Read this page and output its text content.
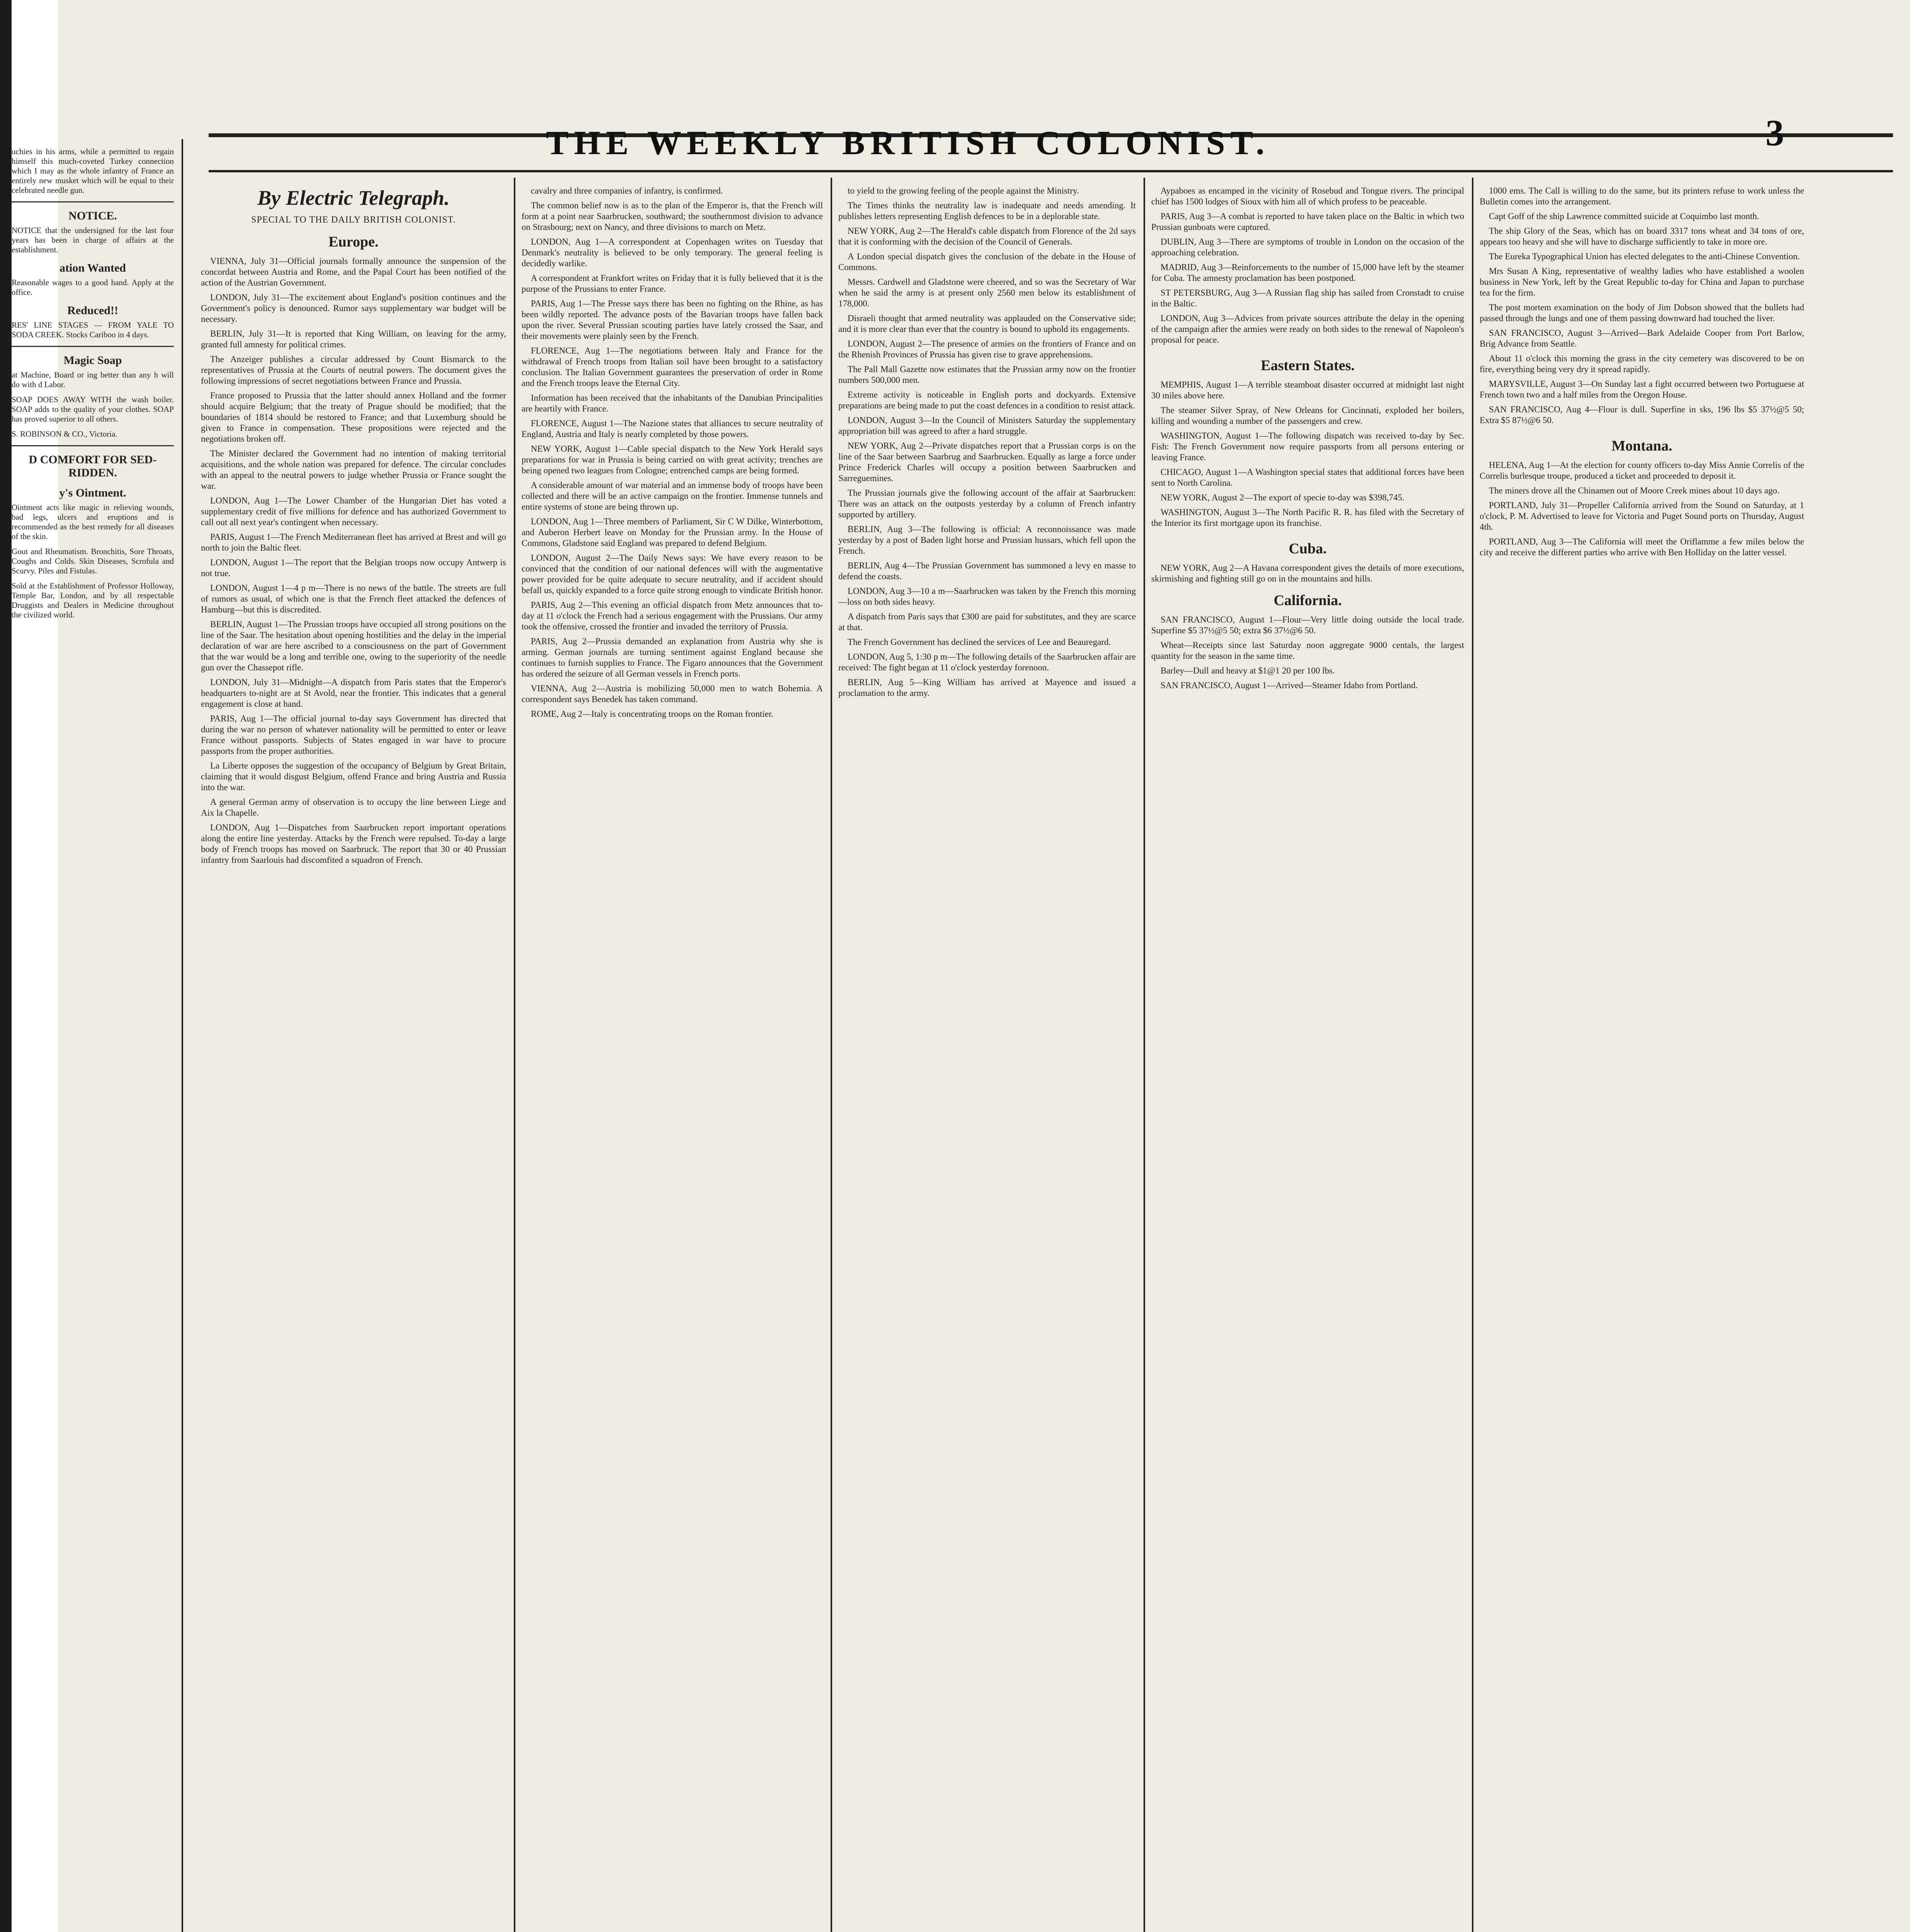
uchies in his arms, while a permitted to regain himself this much-coveted Turkey connection which I may as the whole infantry of France an entirely new musket which will be equal to their celebrated needle gun.

NOTICE.

NOTICE that the undersigned for the last four years has been in charge of affairs at the establishment.

ation Wanted

Reasonable wages to a good hand. Apply at the office.

Reduced!!

RES' LINE STAGES — FROM YALE TO SODA CREEK. Stocks Cariboo in 4 days.

Magic Soap

at Machine, Board or ing better than any h will do with d Labor.

SOAP DOES AWAY WITH the wash boiler. SOAP adds to the quality of your clothes. SOAP has proved superior to all others.

S. ROBINSON & CO., Victoria.

D COMFORT FOR SED-RIDDEN.
y's Ointment.

Ointment acts like magic in relieving wounds, bad legs, ulcers and eruptions and is recommended as the best remedy for all diseases of the skin.

Gout and Rheumatism. Bronchitis, Sore Throats, Coughs and Colds. Skin Diseases, Scrofula and Scurvy. Piles and Fistulas.

Sold at the Establishment of Professor Holloway, Temple Bar, London, and by all respectable Druggists and Dealers in Medicine throughout the civilized world.

THE WEEKLY BRITISH COLONIST.	3

By Electric Telegraph.

SPECIAL TO THE DAILY BRITISH COLONIST.

Europe.

VIENNA, July 31—Official journals formally announce the suspension of the concordat between Austria and Rome, and the Papal Court has been notified of the action of the Austrian Government.

LONDON, July 31—The excitement about England's position continues and the Government's policy is denounced. Rumor says supplementary war budget will be necessary.

BERLIN, July 31—It is reported that King William, on leaving for the army, granted full amnesty for political crimes.

The Anzeiger publishes a circular addressed by Count Bismarck to the representatives of Prussia at the Courts of neutral powers. The document gives the following impressions of secret negotiations between France and Prussia.

France proposed to Prussia that the latter should annex Holland and the former should acquire Belgium; that the treaty of Prague should be modified; that the boundaries of 1814 should be restored to France; and that Luxemburg should be given to France in compensation. These propositions were rejected and the negotiations broken off.

The Minister declared the Government had no intention of making territorial acquisitions, and the whole nation was prepared for defence. The circular concludes with an appeal to the neutral powers to judge whether Prussia or France sought the war.

LONDON, Aug 1—The Lower Chamber of the Hungarian Diet has voted a supplementary credit of five millions for defence and has authorized Government to call out all next year's contingent when necessary.

PARIS, August 1—The French Mediterranean fleet has arrived at Brest and will go north to join the Baltic fleet.

LONDON, August 1—The report that the Belgian troops now occupy Antwerp is not true.

LONDON, August 1—4 p m—There is no news of the battle. The streets are full of rumors as usual, of which one is that the French fleet attacked the defences of Hamburg—but this is discredited.

BERLIN, August 1—The Prussian troops have occupied all strong positions on the line of the Saar. The hesitation about opening hostilities and the delay in the imperial declaration of war are here ascribed to a consciousness on the part of Government that the war would be a long and terrible one, owing to the superiority of the needle gun over the Chassepot rifle.

LONDON, July 31—Midnight—A dispatch from Paris states that the Emperor's headquarters to-night are at St Avold, near the frontier. This indicates that a general engagement is close at hand.

PARIS, Aug 1—The official journal to-day says Government has directed that during the war no person of whatever nationality will be permitted to enter or leave France without passports. Subjects of States engaged in war have to procure passports from the proper authorities.

La Liberte opposes the suggestion of the occupancy of Belgium by Great Britain, claiming that it would disgust Belgium, offend France and bring Austria and Russia into the war.

A general German army of observation is to occupy the line between Liege and Aix la Chapelle.

LONDON, Aug 1—Dispatches from Saarbrucken report important operations along the entire line yesterday. Attacks by the French were repulsed. To-day a large body of French troops has moved on Saarbruck. The report that 30 or 40 Prussian infantry from Saarlouis had discomfited a squadron of French.

cavalry and three companies of infantry, is confirmed.

The common belief now is as to the plan of the Emperor is, that the French will form at a point near Saarbrucken, southward; the southernmost division to advance on Strasbourg; next on Nancy, and three divisions to march on Metz.

LONDON, Aug 1—A correspondent at Copenhagen writes on Tuesday that Denmark's neutrality is believed to be only temporary. The general feeling is decidedly warlike.

A correspondent at Frankfort writes on Friday that it is fully believed that it is the purpose of the Prussians to enter France.

PARIS, Aug 1—The Presse says there has been no fighting on the Rhine, as has been wildly reported. The advance posts of the Bavarian troops have fallen back upon the river. Several Prussian scouting parties have lately crossed the Saar, and their movements were plainly seen by the French.

FLORENCE, Aug 1—The negotiations between Italy and France for the withdrawal of French troops from Italian soil have been brought to a satisfactory conclusion. The Italian Government guarantees the preservation of order in Rome and the French troops leave the Eternal City.

Information has been received that the inhabitants of the Danubian Principalities are heartily with France.

FLORENCE, August 1—The Nazione states that alliances to secure neutrality of England, Austria and Italy is nearly completed by those powers.

NEW YORK, August 1—Cable special dispatch to the New York Herald says preparations for war in Prussia is being carried on with great activity; trenches are being opened two leagues from Cologne; entrenched camps are being formed.

A considerable amount of war material and an immense body of troops have been collected and there will be an active campaign on the frontier. Immense tunnels and entire systems of stone are being thrown up.

LONDON, Aug 1—Three members of Parliament, Sir C W Dilke, Winterbottom, and Auberon Herbert leave on Monday for the Prussian army. In the House of Commons, Gladstone said England was prepared to defend Belgium.

LONDON, August 2—The Daily News says: We have every reason to be convinced that the condition of our national defences will with the augmentative power provided for be quite adequate to secure neutrality, and if accident should befall us, quickly expanded to a force quite strong enough to vindicate British honor.

PARIS, Aug 2—This evening an official dispatch from Metz announces that to-day at 11 o'clock the French had a serious engagement with the Prussians. Our army took the offensive, crossed the frontier and invaded the territory of Prussia.

PARIS, Aug 2—Prussia demanded an explanation from Austria why she is arming. German journals are turning sentiment against England because she continues to furnish supplies to France. The Figaro announces that the Government has ordered the seizure of all German vessels in French ports.

VIENNA, Aug 2—Austria is mobilizing 50,000 men to watch Bohemia. A correspondent says Benedek has taken command.

ROME, Aug 2—Italy is concentrating troops on the Roman frontier.

to yield to the growing feeling of the people against the Ministry.

The Times thinks the neutrality law is inadequate and needs amending. It publishes letters representing English defences to be in a deplorable state.

NEW YORK, Aug 2—The Herald's cable dispatch from Florence of the 2d says that it is conforming with the decision of the Council of Generals.

A London special dispatch gives the conclusion of the debate in the House of Commons.

Messrs. Cardwell and Gladstone were cheered, and so was the Secretary of War when he said the army is at present only 2560 men below its establishment of 178,000.

Disraeli thought that armed neutrality was applauded on the Conservative side; and it is more clear than ever that the country is bound to uphold its engagements.

LONDON, August 2—The presence of armies on the frontiers of France and on the Rhenish Provinces of Prussia has given rise to grave apprehensions.

The Pall Mall Gazette now estimates that the Prussian army now on the frontier numbers 500,000 men.

Extreme activity is noticeable in English ports and dockyards. Extensive preparations are being made to put the coast defences in a condition to resist attack.

LONDON, August 3—In the Council of Ministers Saturday the supplementary appropriation bill was agreed to after a hard struggle.

NEW YORK, Aug 2—Private dispatches report that a Prussian corps is on the line of the Saar between Saarbrug and Saarbrucken. Equally as large a force under Prince Frederick Charles will occupy a position between Saarbrucken and Sarreguemines.

The Prussian journals give the following account of the affair at Saarbrucken: There was an attack on the outposts yesterday by a column of French infantry supported by artillery.

BERLIN, Aug 3—The following is official: A reconnoissance was made yesterday by a post of Baden light horse and Prussian hussars, which fell upon the French.

BERLIN, Aug 4—The Prussian Government has summoned a levy en masse to defend the coasts.

LONDON, Aug 3—10 a m—Saarbrucken was taken by the French this morning—loss on both sides heavy.

A dispatch from Paris says that £300 are paid for substitutes, and they are scarce at that.

The French Government has declined the services of Lee and Beauregard.

LONDON, Aug 5, 1:30 p m—The following details of the Saarbrucken affair are received: The fight began at 11 o'clock yesterday forenoon.

BERLIN, Aug 5—King William has arrived at Mayence and issued a proclamation to the army.

Aypaboes as encamped in the vicinity of Rosebud and Tongue rivers. The principal chief has 1500 lodges of Sioux with him all of which profess to be peaceable.

PARIS, Aug 3—A combat is reported to have taken place on the Baltic in which two Prussian gunboats were captured.

DUBLIN, Aug 3—There are symptoms of trouble in London on the occasion of the approaching celebration.

MADRID, Aug 3—Reinforcements to the number of 15,000 have left by the steamer for Cuba. The amnesty proclamation has been postponed.

ST PETERSBURG, Aug 3—A Russian flag ship has sailed from Cronstadt to cruise in the Baltic.

LONDON, Aug 3—Advices from private sources attribute the delay in the opening of the campaign after the armies were ready on both sides to the renewal of Napoleon's proposal for peace.

Eastern States.

MEMPHIS, August 1—A terrible steamboat disaster occurred at midnight last night 30 miles above here.

The steamer Silver Spray, of New Orleans for Cincinnati, exploded her boilers, killing and wounding a number of the passengers and crew.

WASHINGTON, August 1—The following dispatch was received to-day by Sec. Fish: The French Government now require passports from all persons entering or leaving France.

CHICAGO, August 1—A Washington special states that additional forces have been sent to North Carolina.

NEW YORK, August 2—The export of specie to-day was $398,745.

WASHINGTON, August 3—The North Pacific R. R. has filed with the Secretary of the Interior its first mortgage upon its franchise.

Cuba.

NEW YORK, Aug 2—A Havana correspondent gives the details of more executions, skirmishing and fighting still go on in the mountains and hills.

California.

SAN FRANCISCO, August 1—Flour—Very little doing outside the local trade. Superfine $5 37½@5 50; extra $6 37½@6 50.

Wheat—Receipts since last Saturday noon aggregate 9000 centals, the largest quantity for the season in the same time.

Barley—Dull and heavy at $1@1 20 per 100 lbs.

SAN FRANCISCO, August 1—Arrived—Steamer Idaho from Portland.

1000 ems. The Call is willing to do the same, but its printers refuse to work unless the Bulletin comes into the arrangement.

Capt Goff of the ship Lawrence committed suicide at Coquimbo last month.

The ship Glory of the Seas, which has on board 3317 tons wheat and 34 tons of ore, appears too heavy and she will have to discharge sufficiently to take in more ore.

The Eureka Typographical Union has elected delegates to the anti-Chinese Convention.

Mrs Susan A King, representative of wealthy ladies who have established a woolen business in New York, left by the Great Republic to-day for China and Japan to purchase tea for the firm.

The post mortem examination on the body of Jim Dobson showed that the bullets had passed through the lungs and one of them passing downward had touched the liver.

SAN FRANCISCO, August 3—Arrived—Bark Adelaide Cooper from Port Barlow, Brig Advance from Seattle.

About 11 o'clock this morning the grass in the city cemetery was discovered to be on fire, everything being very dry it spread rapidly.

MARYSVILLE, August 3—On Sunday last a fight occurred between two Portuguese at French town two and a half miles from the Oregon House.

SAN FRANCISCO, Aug 4—Flour is dull. Superfine in sks, 196 lbs $5 37½@5 50; Extra $5 87½@6 50.

Montana.

HELENA, Aug 1—At the election for county officers to-day Miss Annie Correlis of the Correlis burlesque troupe, produced a ticket and proceeded to deposit it.

The miners drove all the Chinamen out of Moore Creek mines about 10 days ago.

PORTLAND, July 31—Propeller California arrived from the Sound on Saturday, at 1 o'clock, P. M. Advertised to leave for Victoria and Puget Sound ports on Thursday, August 4th.

PORTLAND, Aug 3—The California will meet the Oriflamme a few miles below the city and receive the different parties who arrive with Ben Holliday on the latter vessel.
